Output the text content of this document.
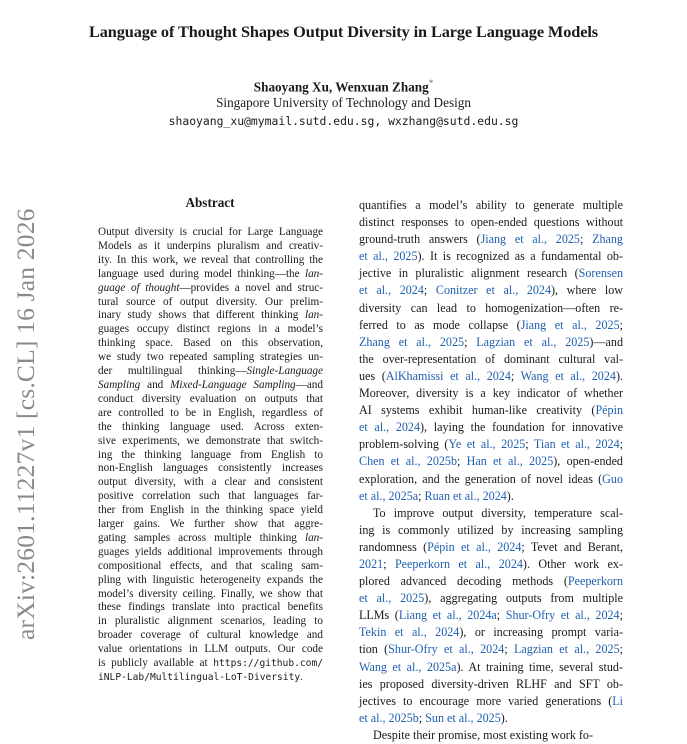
Language of Thought Shapes Output Diversity in Large Language Models
Shaoyang Xu, Wenxuan Zhang*
Singapore University of Technology and Design
shaoyang_xu@mymail.sutd.edu.sg, wxzhang@sutd.edu.sg
arXiv:2601.11227v1 [cs.CL] 16 Jan 2026
Abstract
Output diversity is crucial for Large Language
Models as it underpins pluralism and creativ-
ity. In this work, we reveal that controlling the
language used during model thinking—the lan-
guage of thought—provides a novel and struc-
tural source of output diversity. Our prelim-
inary study shows that different thinking lan-
guages occupy distinct regions in a model’s
thinking space. Based on this observation,
we study two repeated sampling strategies un-
der multilingual thinking—Single-Language
Sampling and Mixed-Language Sampling—and
conduct diversity evaluation on outputs that
are controlled to be in English, regardless of
the thinking language used. Across exten-
sive experiments, we demonstrate that switch-
ing the thinking language from English to
non-English languages consistently increases
output diversity, with a clear and consistent
positive correlation such that languages far-
ther from English in the thinking space yield
larger gains. We further show that aggre-
gating samples across multiple thinking lan-
guages yields additional improvements through
compositional effects, and that scaling sam-
pling with linguistic heterogeneity expands the
model’s diversity ceiling. Finally, we show that
these findings translate into practical benefits
in pluralistic alignment scenarios, leading to
broader coverage of cultural knowledge and
value orientations in LLM outputs. Our code
is publicly available at https://github.com/
iNLP-Lab/Multilingual-LoT-Diversity.
quantifies a model’s ability to generate multiple
distinct responses to open-ended questions without
ground-truth answers (Jiang et al., 2025; Zhang
et al., 2025). It is recognized as a fundamental ob-
jective in pluralistic alignment research (Sorensen
et al., 2024; Conitzer et al., 2024), where low
diversity can lead to homogenization—often re-
ferred to as mode collapse (Jiang et al., 2025;
Zhang et al., 2025; Lagzian et al., 2025)—and
the over-representation of dominant cultural val-
ues (AlKhamissi et al., 2024; Wang et al., 2024).
Moreover, diversity is a key indicator of whether
AI systems exhibit human-like creativity (Pépin
et al., 2024), laying the foundation for innovative
problem-solving (Ye et al., 2025; Tian et al., 2024;
Chen et al., 2025b; Han et al., 2025), open-ended
exploration, and the generation of novel ideas (Guo
et al., 2025a; Ruan et al., 2024).
To improve output diversity, temperature scal-
ing is commonly utilized by increasing sampling
randomness (Pépin et al., 2024; Tevet and Berant,
2021; Peeperkorn et al., 2024). Other work ex-
plored advanced decoding methods (Peeperkorn
et al., 2025), aggregating outputs from multiple
LLMs (Liang et al., 2024a; Shur-Ofry et al., 2024;
Tekin et al., 2024), or increasing prompt varia-
tion (Shur-Ofry et al., 2024; Lagzian et al., 2025;
Wang et al., 2025a). At training time, several stud-
ies proposed diversity-driven RLHF and SFT ob-
jectives to encourage more varied generations (Li
et al., 2025b; Sun et al., 2025).
Despite their promise, most existing work fo-
